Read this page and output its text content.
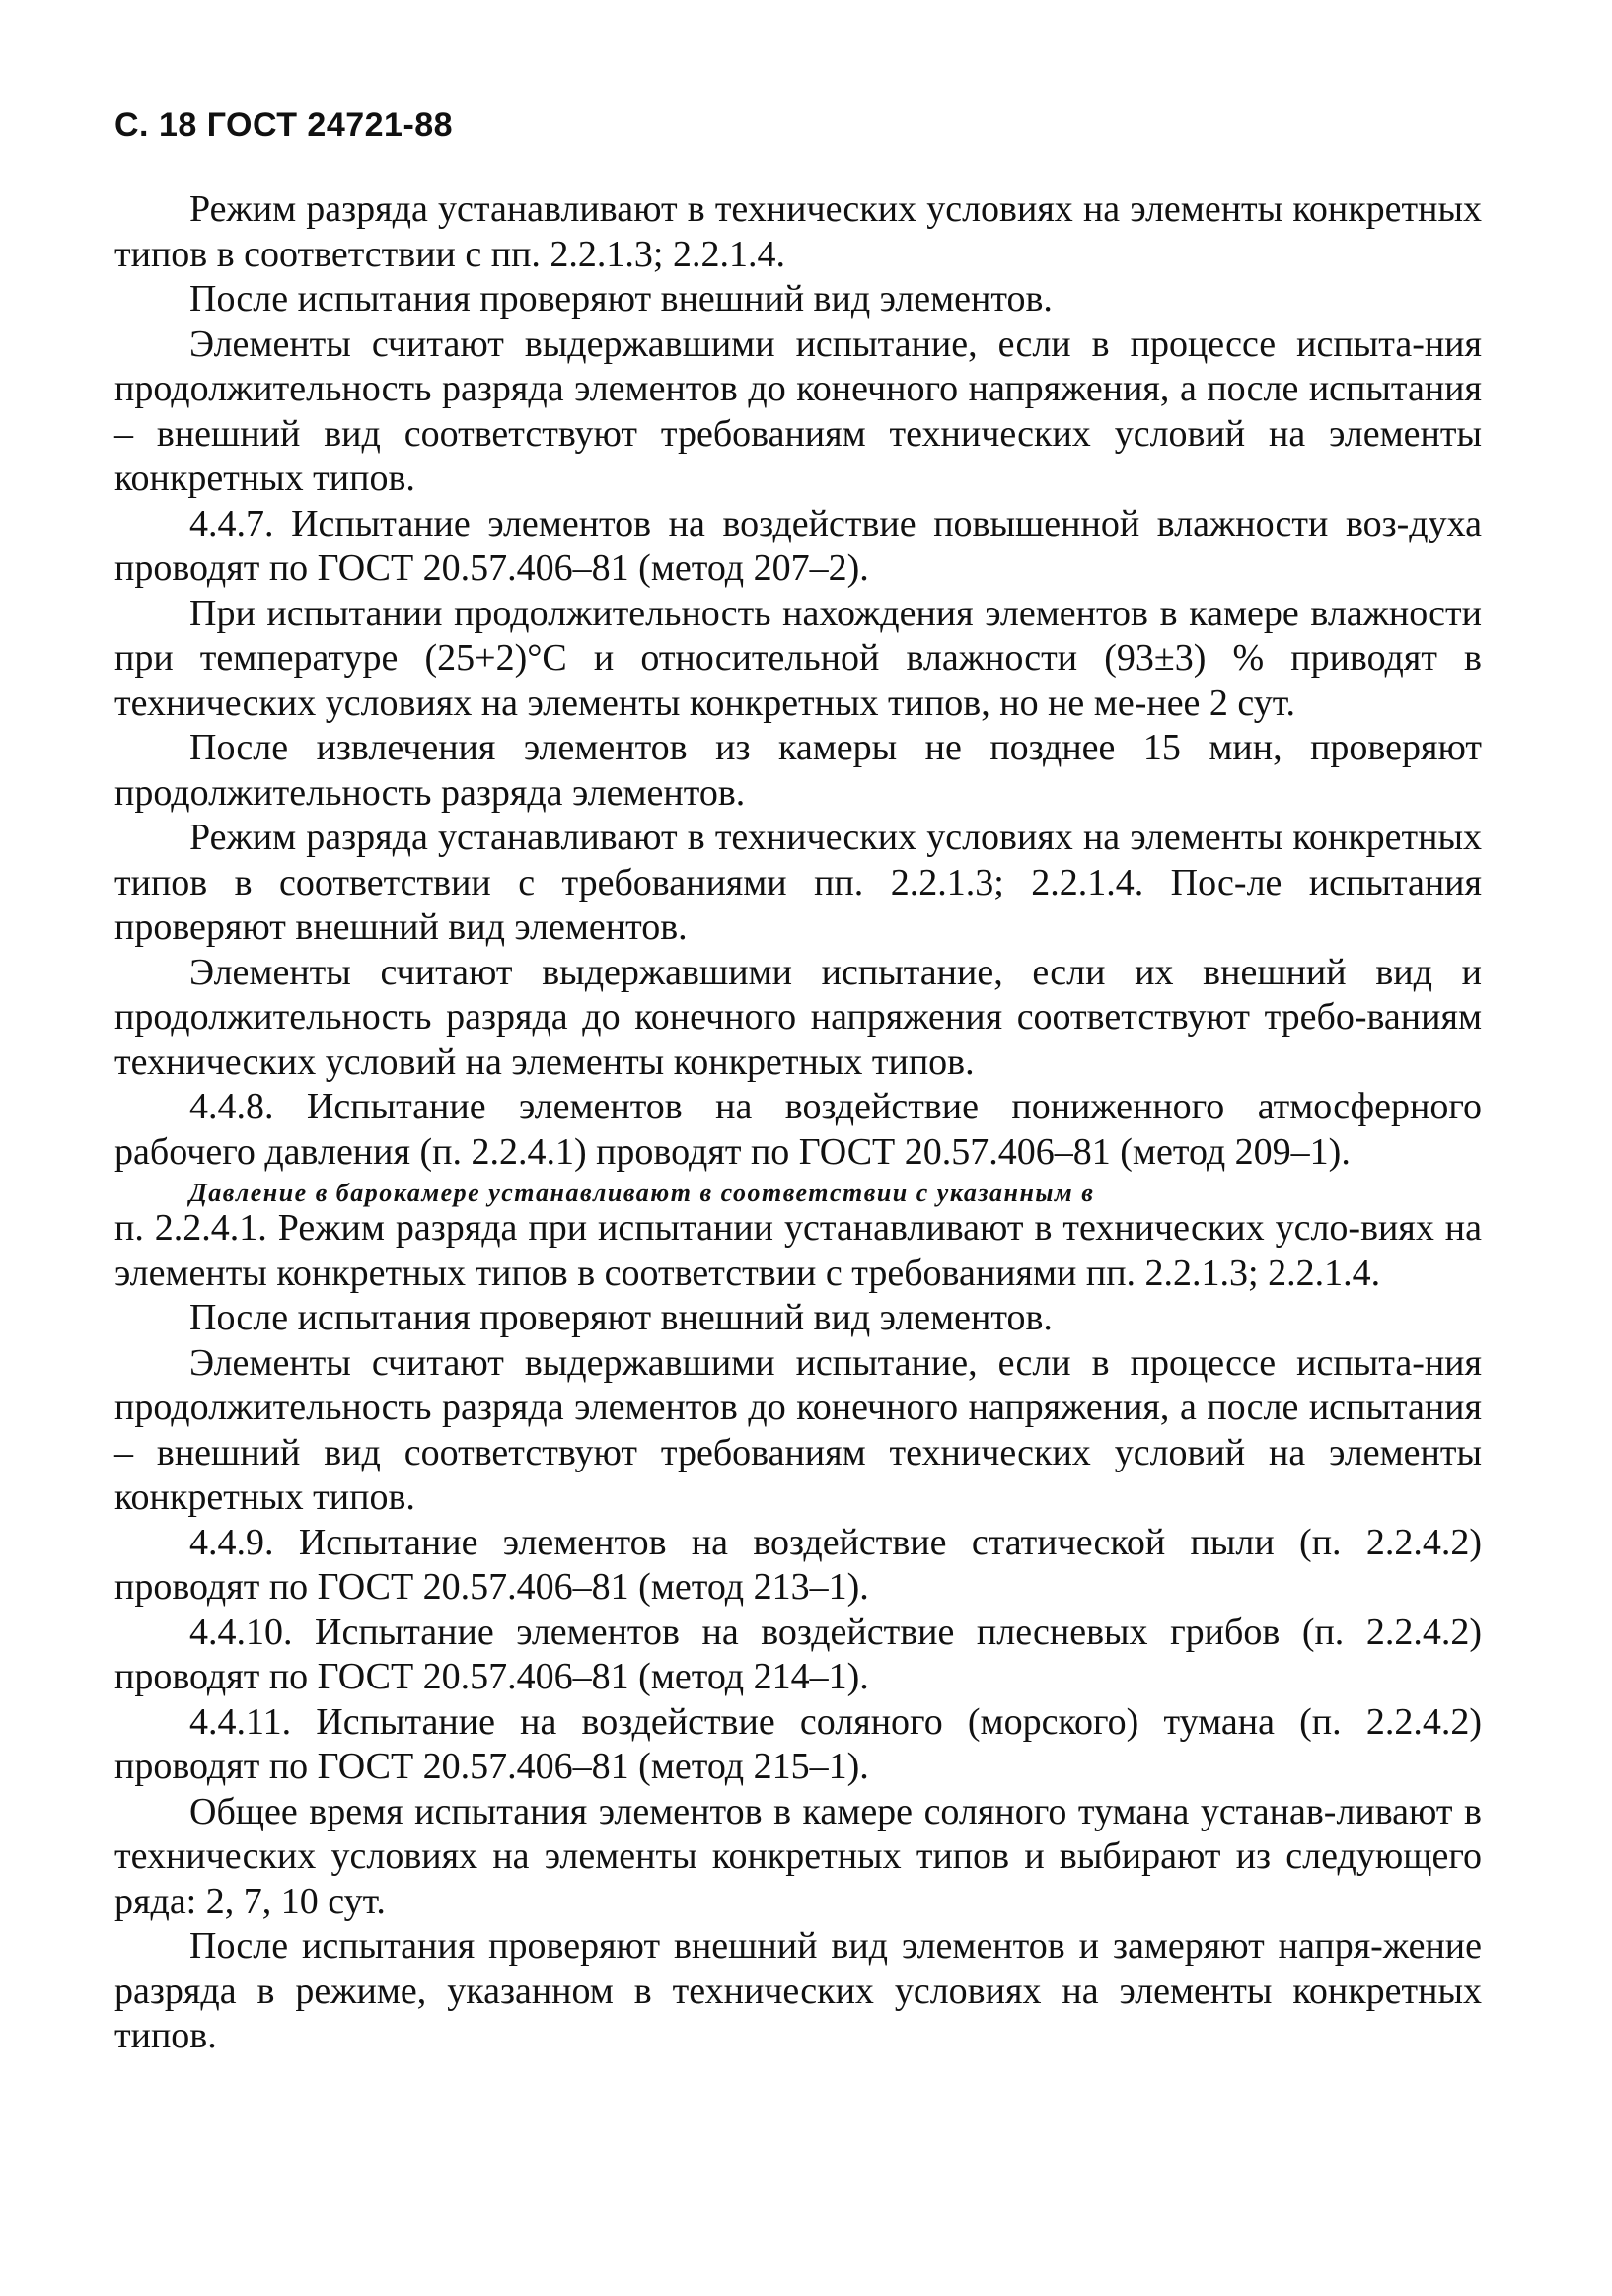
С. 18 ГОСТ 24721-88

Режим разряда устанавливают в технических условиях на элементы конкретных типов в соответствии с пп. 2.2.1.3; 2.2.1.4.

После испытания проверяют внешний вид элементов.

Элементы считают выдержавшими испытание, если в процессе испыта-ния продолжительность разряда элементов до конечного напряжения, а после испытания – внешний вид соответствуют требованиям технических условий на элементы конкретных типов.

4.4.7. Испытание элементов на воздействие повышенной влажности воз-духа проводят по ГОСТ 20.57.406–81 (метод 207–2).

При испытании продолжительность нахождения элементов в камере влажности при температуре (25+2)°С и относительной влажности (93±3) % приводят в технических условиях на элементы конкретных типов, но не ме-нее 2 сут.

После извлечения элементов из камеры не позднее 15 мин, проверяют продолжительность разряда элементов.

Режим разряда устанавливают в технических условиях на элементы конкретных типов в соответствии с требованиями пп. 2.2.1.3; 2.2.1.4. Пос-ле испытания проверяют внешний вид элементов.

Элементы считают выдержавшими испытание, если их внешний вид и продолжительность разряда до конечного напряжения соответствуют требо-ваниям технических условий на элементы конкретных типов.

4.4.8. Испытание элементов на воздействие пониженного атмосферного рабочего давления (п. 2.2.4.1) проводят по ГОСТ 20.57.406–81 (метод 209–1).

Давление в барокамере устанавливают в соответствии с указанным в

п. 2.2.4.1. Режим разряда при испытании устанавливают в технических усло-виях на элементы конкретных типов в соответствии с требованиями пп. 2.2.1.3; 2.2.1.4.

После испытания проверяют внешний вид элементов.

Элементы считают выдержавшими испытание, если в процессе испыта-ния продолжительность разряда элементов до конечного напряжения, а после испытания – внешний вид соответствуют требованиям технических условий на элементы конкретных типов.

4.4.9. Испытание элементов на воздействие статической пыли (п. 2.2.4.2) проводят по ГОСТ 20.57.406–81 (метод 213–1).

4.4.10. Испытание элементов на воздействие плесневых грибов (п. 2.2.4.2) проводят по ГОСТ 20.57.406–81 (метод 214–1).

4.4.11. Испытание на воздействие соляного (морского) тумана (п. 2.2.4.2) проводят по ГОСТ 20.57.406–81 (метод 215–1).

Общее время испытания элементов в камере соляного тумана устанав-ливают в технических условиях на элементы конкретных типов и выбирают из следующего ряда: 2, 7, 10 сут.

После испытания проверяют внешний вид элементов и замеряют напря-жение разряда в режиме, указанном в технических условиях на элементы конкретных типов.
